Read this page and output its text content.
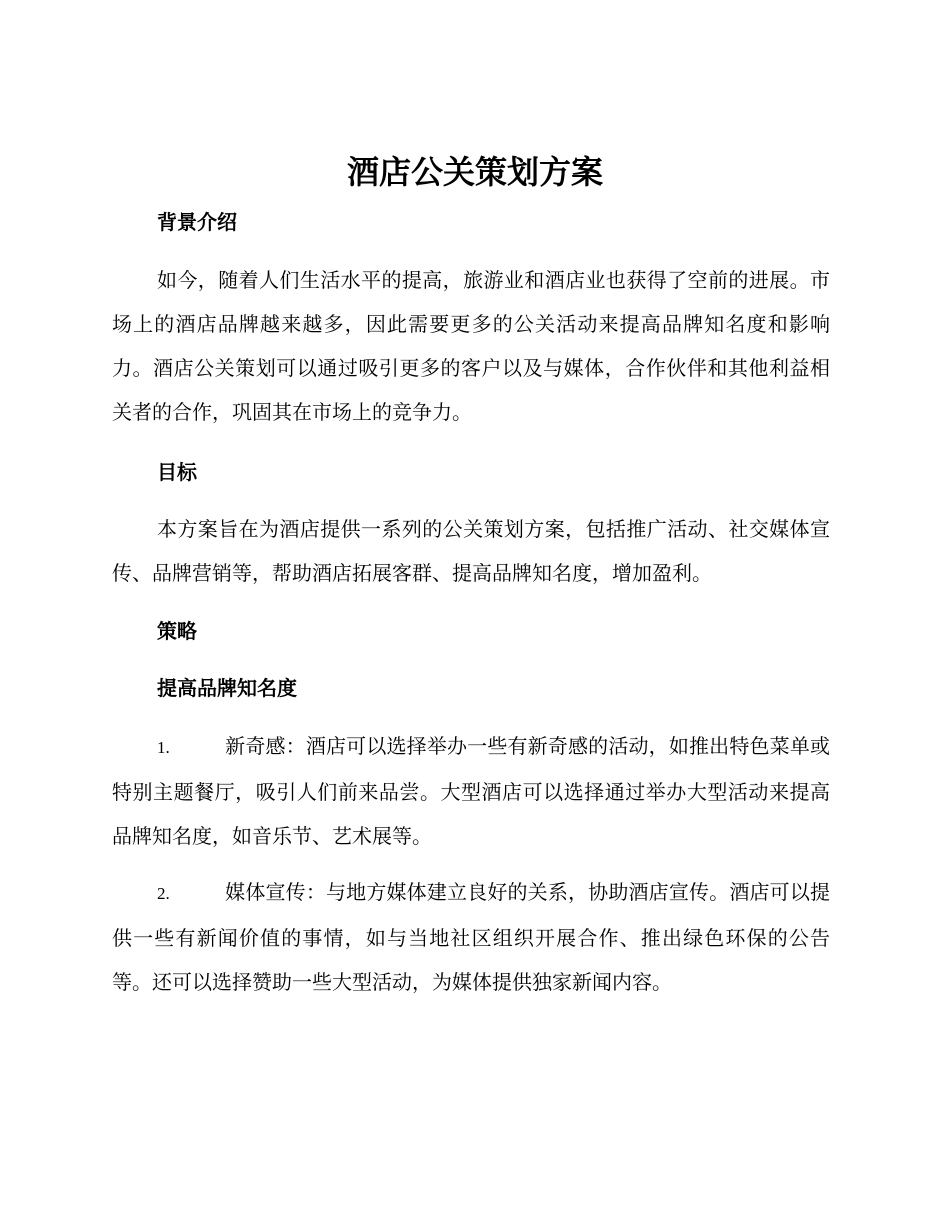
酒店公关策划方案
背景介绍

如今，随着人们生活水平的提高，旅游业和酒店业也获得了空前的进展。市场上的酒店品牌越来越多，因此需要更多的公关活动来提高品牌知名度和影响力。酒店公关策划可以通过吸引更多的客户以及与媒体，合作伙伴和其他利益相关者的合作，巩固其在市场上的竞争力。

目标

本方案旨在为酒店提供一系列的公关策划方案，包括推广活动、社交媒体宣传、品牌营销等，帮助酒店拓展客群、提高品牌知名度，增加盈利。

策略
提高品牌知名度

1.	新奇感：酒店可以选择举办一些有新奇感的活动，如推出特色菜单或特别主题餐厅，吸引人们前来品尝。大型酒店可以选择通过举办大型活动来提高品牌知名度，如音乐节、艺术展等。

2.	媒体宣传：与地方媒体建立良好的关系，协助酒店宣传。酒店可以提供一些有新闻价值的事情，如与当地社区组织开展合作、推出绿色环保的公告等。还可以选择赞助一些大型活动，为媒体提供独家新闻内容。
